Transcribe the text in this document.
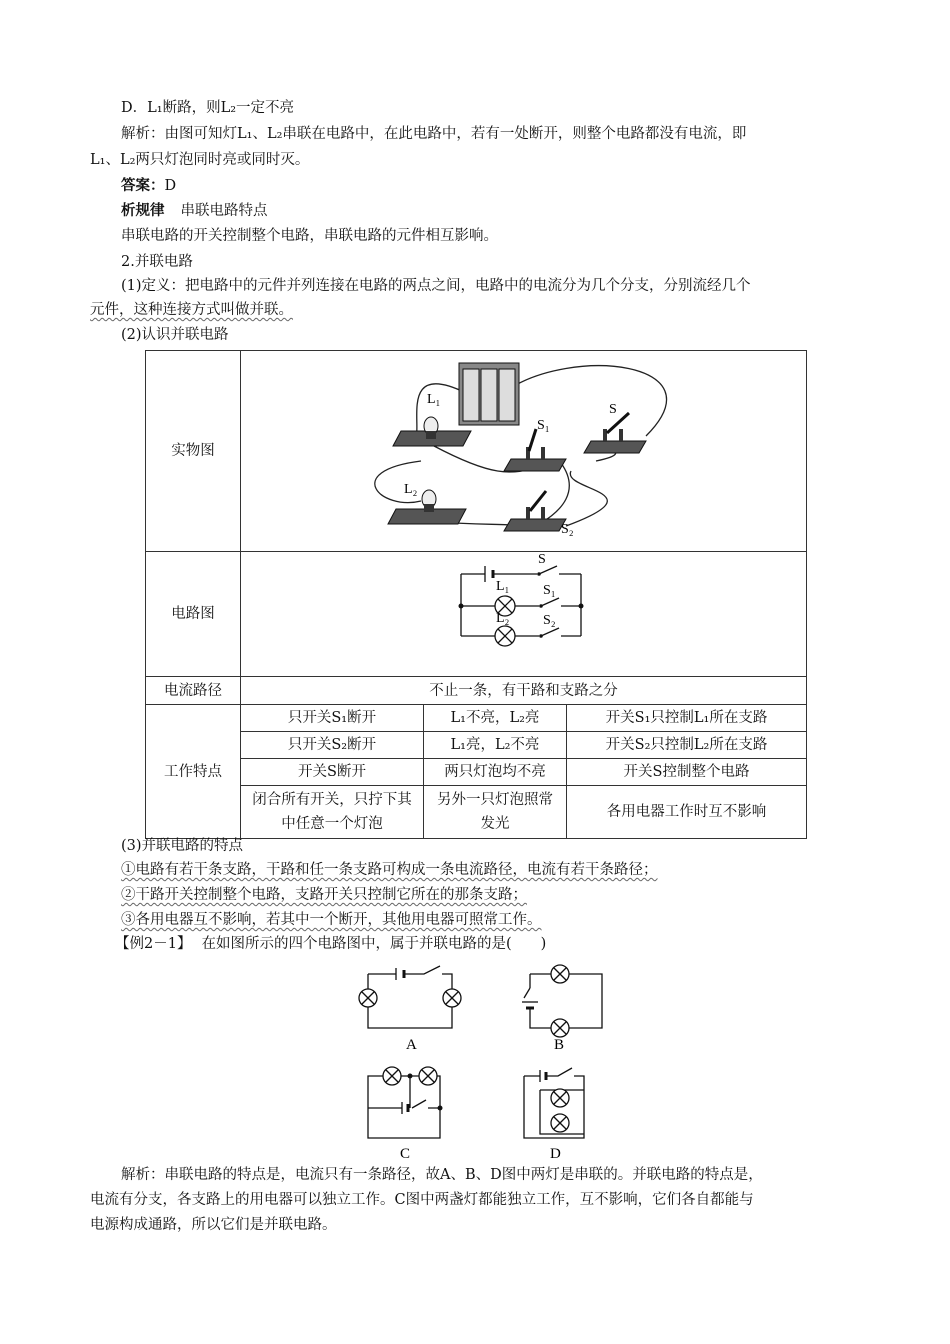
D．L₁断路，则L₂一定不亮
解析：由图可知灯L₁、L₂串联在电路中，在此电路中，若有一处断开，则整个电路都没有电流，即
L₁、L₂两只灯泡同时亮或同时灭。
答案：D
析规律 串联电路特点
串联电路的开关控制整个电路，串联电路的元件相互影响。
2.并联电路
(1)定义：把电路中的元件并列连接在电路的两点之间，电路中的电流分为几个分支，分别流经几个
元件，这种连接方式叫做并联。
(2)认识并联电路
实物图	L₁
L₂
S₁
S
S₂		

电路图	S
L₁ S₁
L₂ S₂		

电流路径	不止一条，有干路和支路之分		
工作特点	只开关S₁断开	L₁不亮，L₂亮	开关S₁只控制L₁所在支路
	只开关S₂断开	L₁亮，L₂不亮	开关S₂只控制L₂所在支路
	开关S断开	两只灯泡均不亮	开关S控制整个电路
	闭合所有开关，只拧下其中任意一个灯泡	另外一只灯泡照常发光	各用电器工作时互不影响
(3)并联电路的特点
①电路有若干条支路，干路和任一条支路可构成一条电流路径，电流有若干条路径；
②干路开关控制整个电路，支路开关只控制它所在的那条支路；
③各用电器互不影响，若其中一个断开，其他用电器可照常工作。
【例2－1】 在如图所示的四个电路图中，属于并联电路的是(　　)
A	B
C	D
解析：串联电路的特点是，电流只有一条路径，故A、B、D图中两灯是串联的。并联电路的特点是，
电流有分支，各支路上的用电器可以独立工作。C图中两盏灯都能独立工作，互不影响，它们各自都能与
电源构成通路，所以它们是并联电路。
